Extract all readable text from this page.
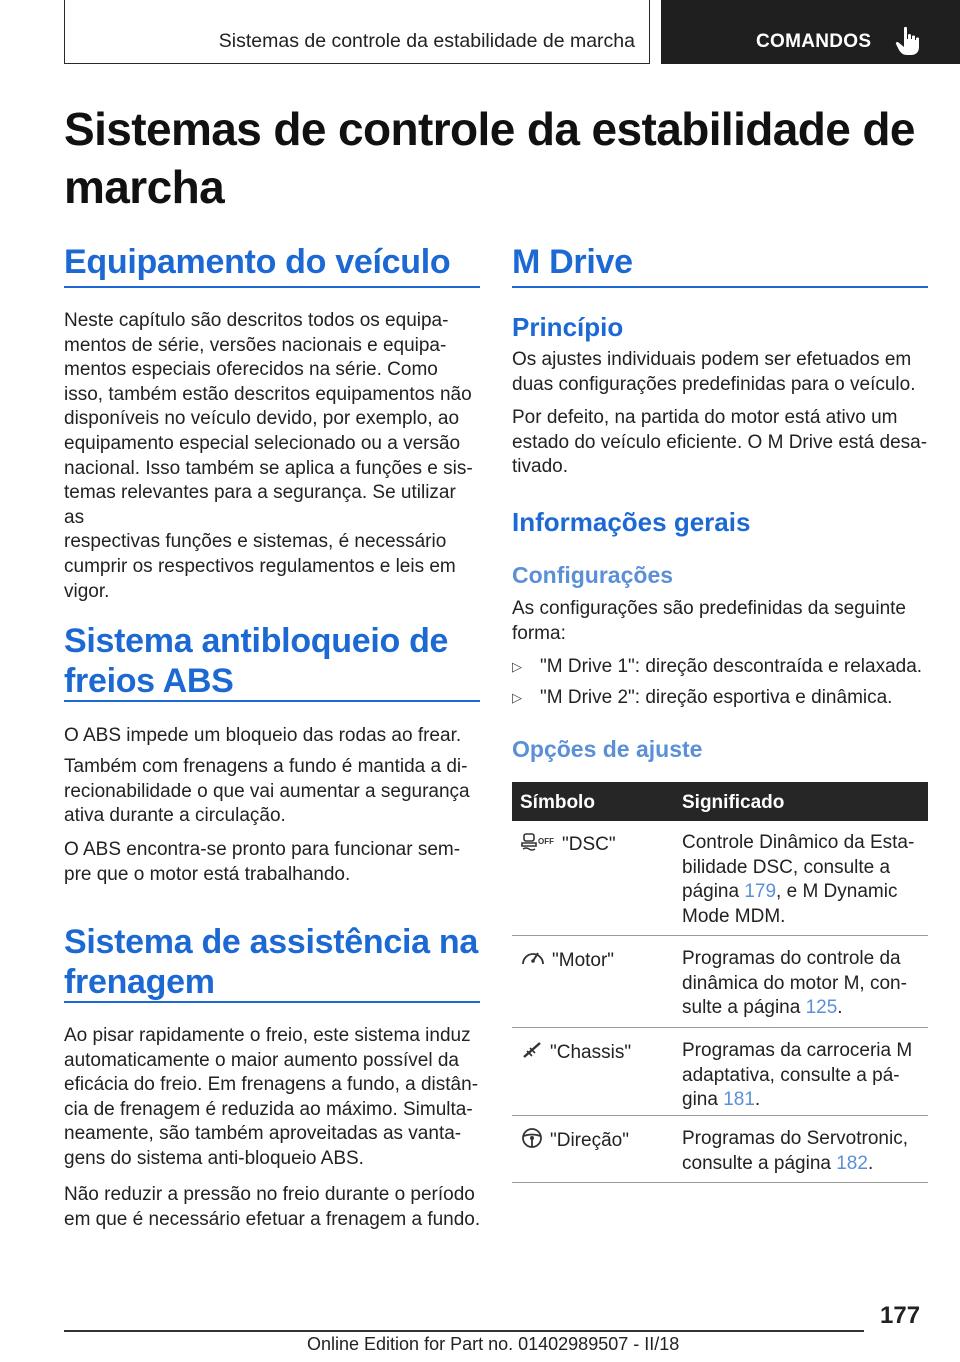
Sistemas de controle da estabilidade de marcha	COMANDOS
Sistemas de controle da estabilidade de
marcha
Equipamento do veículo
Neste capítulo são descritos todos os equipa-
mentos de série, versões nacionais e equipa-
mentos especiais oferecidos na série. Como
isso, também estão descritos equipamentos não
disponíveis no veículo devido, por exemplo, ao
equipamento especial selecionado ou a versão
nacional. Isso também se aplica a funções e sis-
temas relevantes para a segurança. Se utilizar as
respectivas funções e sistemas, é necessário
cumprir os respectivos regulamentos e leis em
vigor.
Sistema antibloqueio de
freios ABS
O ABS impede um bloqueio das rodas ao frear.
Também com frenagens a fundo é mantida a di-
recionabilidade o que vai aumentar a segurança
ativa durante a circulação.
O ABS encontra-se pronto para funcionar sem-
pre que o motor está trabalhando.
Sistema de assistência na
frenagem
Ao pisar rapidamente o freio, este sistema induz
automaticamente o maior aumento possível da
eficácia do freio. Em frenagens a fundo, a distân-
cia de frenagem é reduzida ao máximo. Simulta-
neamente, são também aproveitadas as vanta-
gens do sistema anti-bloqueio ABS.
Não reduzir a pressão no freio durante o período
em que é necessário efetuar a frenagem a fundo.
M Drive
Princípio
Os ajustes individuais podem ser efetuados em
duas configurações predefinidas para o veículo.
Por defeito, na partida do motor está ativo um
estado do veículo eficiente. O M Drive está desa-
tivado.
Informações gerais
Configurações
As configurações são predefinidas da seguinte
forma:
▷ "M Drive 1": direção descontraída e relaxada.
▷ "M Drive 2": direção esportiva e dinâmica.
Opções de ajuste
Símbolo	Significado
OFF "DSC"	Controle Dinâmico da Esta-
bilidade DSC, consulte a
página 179, e M Dynamic
Mode MDM.
"Motor"	Programas do controle da
dinâmica do motor M, con-
sulte a página 125.
"Chassis"	Programas da carroceria M
adaptativa, consulte a pá-
gina 181.
"Direção"	Programas do Servotronic,
consulte a página 182.
177
Online Edition for Part no. 01402989507 - II/18
